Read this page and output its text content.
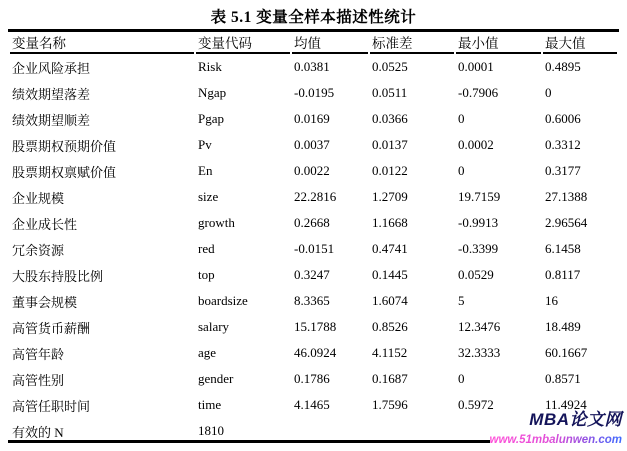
表 5.1 变量全样本描述性统计
变量名称	变量代码	均值	标准差	最小值	最大值
企业风险承担	Risk	0.0381	0.0525	0.0001	0.4895
绩效期望落差	Ngap	-0.0195	0.0511	-0.7906	0
绩效期望顺差	Pgap	0.0169	0.0366	0	0.6006
股票期权预期价值	Pv	0.0037	0.0137	0.0002	0.3312
股票期权禀赋价值	En	0.0022	0.0122	0	0.3177
企业规模	size	22.2816	1.2709	19.7159	27.1388
企业成长性	growth	0.2668	1.1668	-0.9913	2.96564
冗余资源	red	-0.0151	0.4741	-0.3399	6.1458
大股东持股比例	top	0.3247	0.1445	0.0529	0.8117
董事会规模	boardsize	8.3365	1.6074	5	16
高管货币薪酬	salary	15.1788	0.8526	12.3476	18.489
高管年龄	age	46.0924	4.1152	32.3333	60.1667
高管性别	gender	0.1786	0.1687	0	0.8571
高管任职时间	time	4.1465	1.7596	0.5972	11.4924
有效的 N	1810				
MBA论文网
www.51mbalunwen.com
